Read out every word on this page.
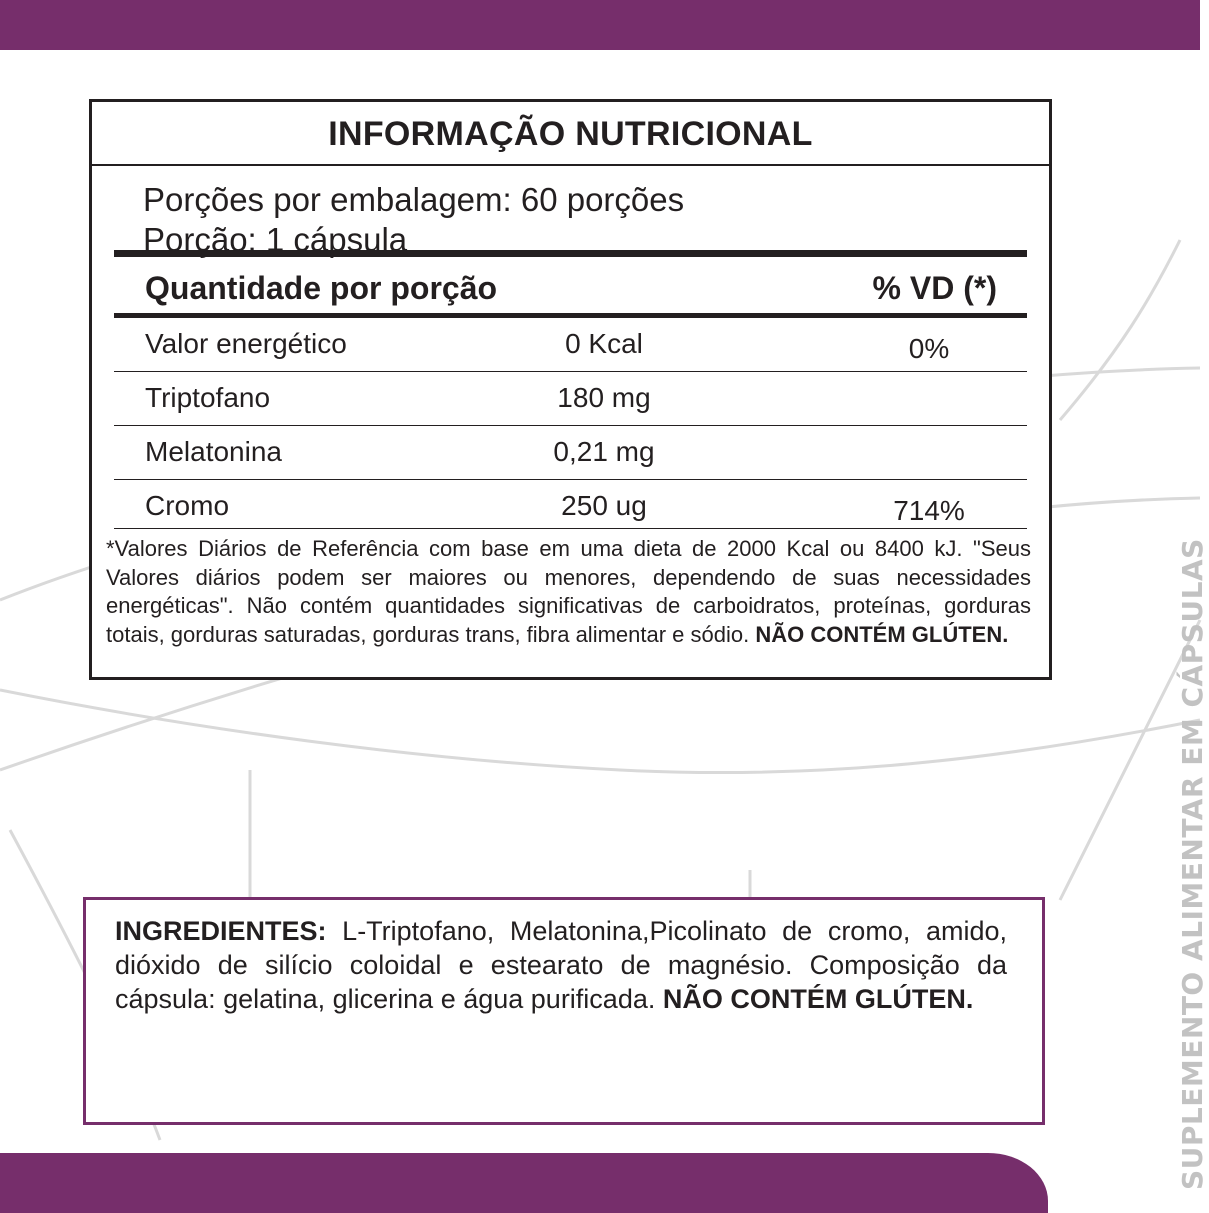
SUPLEMENTO ALIMENTAR EM CÁPSULAS
INFORMAÇÃO NUTRICIONAL
Porções por embalagem: 60 porções
Porção: 1 cápsula
Quantidade por porção	% VD (*)
Valor energético	0 Kcal	0%
Triptofano	180 mg
Melatonina	0,21 mg
Cromo	250 ug	714%
*Valores Diários de Referência com base em uma dieta de 2000 Kcal ou 8400 kJ. "Seus Valores diários podem ser maiores ou menores, dependendo de suas necessidades energéticas". Não contém quantidades significativas de carboidratos, proteínas, gorduras totais, gorduras saturadas, gorduras trans, fibra alimentar e sódio. NÃO CONTÉM GLÚTEN.
INGREDIENTES: L-Triptofano, Melatonina,Picolinato de cromo, amido, dióxido de silício coloidal e estearato de magnésio. Composição da cápsula: gelatina, glicerina e água purificada. NÃO CONTÉM GLÚTEN.
